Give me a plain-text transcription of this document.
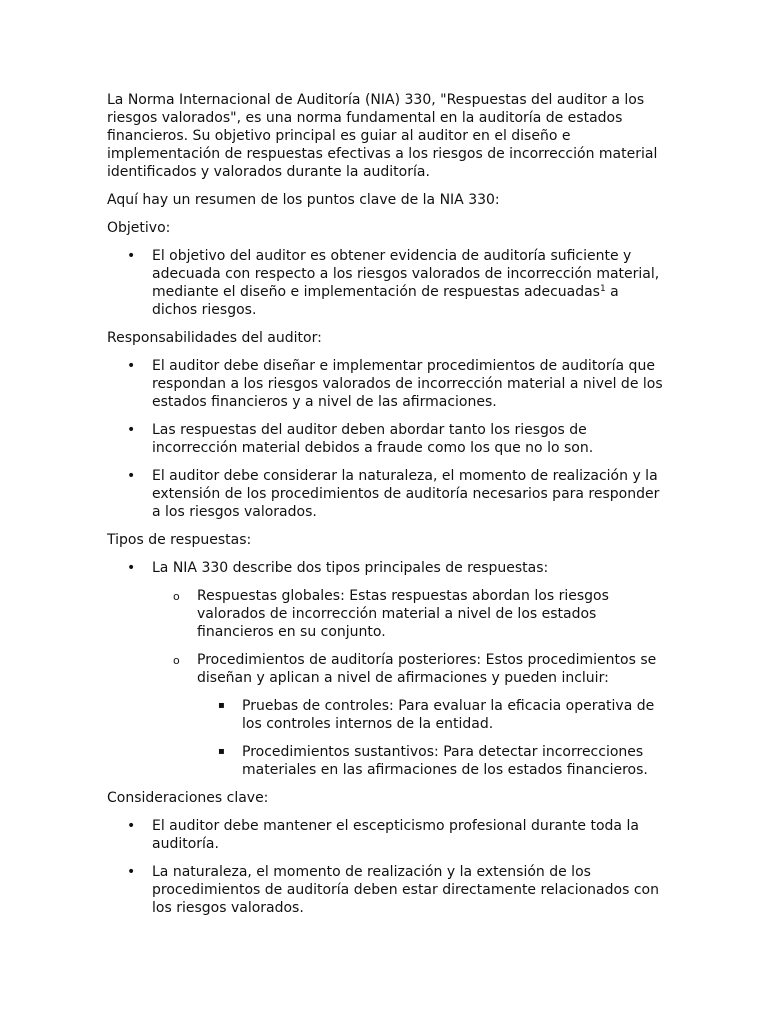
La Norma Internacional de Auditoría (NIA) 330, "Respuestas del auditor a los riesgos valorados", es una norma fundamental en la auditoría de estados financieros. Su objetivo principal es guiar al auditor en el diseño e implementación de respuestas efectivas a los riesgos de incorrección material identificados y valorados durante la auditoría.

Aquí hay un resumen de los puntos clave de la NIA 330:

Objetivo:

• El objetivo del auditor es obtener evidencia de auditoría suficiente y adecuada con respecto a los riesgos valorados de incorrección material, mediante el diseño e implementación de respuestas adecuadas$^1$ a dichos riesgos.

Responsabilidades del auditor:

• El auditor debe diseñar e implementar procedimientos de auditoría que respondan a los riesgos valorados de incorrección material a nivel de los estados financieros y a nivel de las afirmaciones.
• Las respuestas del auditor deben abordar tanto los riesgos de incorrección material debidos a fraude como los que no lo son.
• El auditor debe considerar la naturaleza, el momento de realización y la extensión de los procedimientos de auditoría necesarios para responder a los riesgos valorados.

Tipos de respuestas:

• La NIA 330 describe dos tipos principales de respuestas:
o Respuestas globales: Estas respuestas abordan los riesgos valorados de incorrección material a nivel de los estados financieros en su conjunto.
o Procedimientos de auditoría posteriores: Estos procedimientos se diseñan y aplican a nivel de afirmaciones y pueden incluir:
▪ Pruebas de controles: Para evaluar la eficacia operativa de los controles internos de la entidad.
▪ Procedimientos sustantivos: Para detectar incorrecciones materiales en las afirmaciones de los estados financieros.

Consideraciones clave:

• El auditor debe mantener el escepticismo profesional durante toda la auditoría.
• La naturaleza, el momento de realización y la extensión de los procedimientos de auditoría deben estar directamente relacionados con los riesgos valorados.
